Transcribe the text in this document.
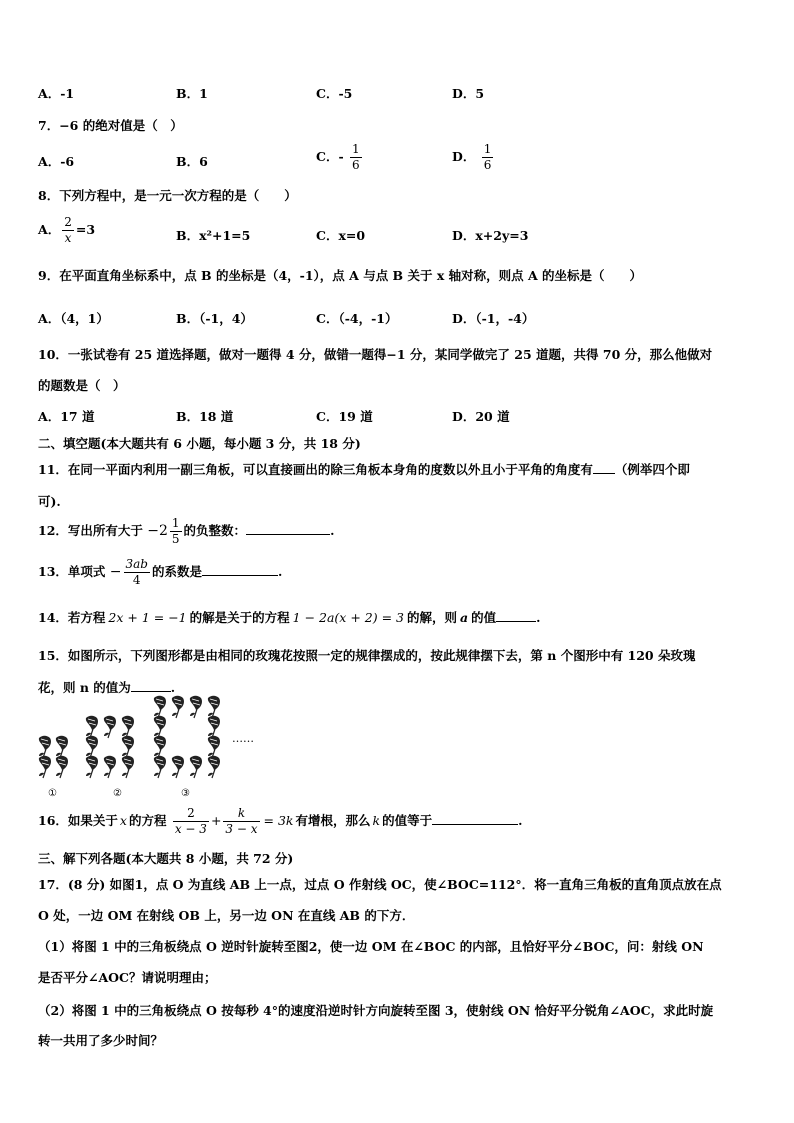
A．-1	B．1	C．-5	D．5
7．−6 的绝对值是（　）
A．-6	B．6	C．- $\frac{1}{6}$	D． $\frac{1}{6}$
8．下列方程中，是一元一次方程的是（　　）
A． $\frac{2}{x} =3$	B．x²+1=5	C．x=0	D．x+2y=3
9．在平面直角坐标系中，点 B 的坐标是（4，-1），点 A 与点 B 关于 x 轴对称，则点 A 的坐标是（　　）
A．（4，1）	B．（-1，4）	C．（-4，-1）	D．（-1，-4）
10．一张试卷有 25 道选择题，做对一题得 4 分，做错一题得−1 分，某同学做完了 25 道题，共得 70 分，那么他做对
的题数是（　）
A．17 道	B．18 道	C．19 道	D．20 道
二、填空题(本大题共有 6 小题，每小题 3 分，共 18 分)
11．在同一平面内利用一副三角板，可以直接画出的除三角板本身角的度数以外且小于平角的角度有 （例举四个即
可).
12．写出所有大于 $-2 \frac{1}{5}$ 的负整数：	.
13．单项式 − $\frac{3ab}{4}$ 的系数是	.
14．若方程 2x + 1 = −1 的解是关于的方程 1 − 2a(x + 2) = 3 的解，则 a 的值	.
15．如图所示，下列图形都是由相同的玫瑰花按照一定的规律摆成的，按此规律摆下去，第 n 个图形中有 120 朵玫瑰
花，则 n 的值为	.
①	②	③
……
16．如果关于 x 的方程 $\frac{2}{x - 3} + \frac{k}{3 - x} = 3k$ 有增根，那么 k 的值等于	.
三、解下列各题(本大题共 8 小题，共 72 分)
17．(8 分) 如图1，点 O 为直线 AB 上一点，过点 O 作射线 OC，使∠BOC=112°．将一直角三角板的直角顶点放在点
O 处，一边 OM 在射线 OB 上，另一边 ON 在直线 AB 的下方．
（1）将图 1 中的三角板绕点 O 逆时针旋转至图2，使一边 OM 在∠BOC 的内部，且恰好平分∠BOC，问：射线 ON
是否平分∠AOC？请说明理由；
（2）将图 1 中的三角板绕点 O 按每秒 4°的速度沿逆时针方向旋转至图 3，使射线 ON 恰好平分锐角∠AOC，求此时旋
转一共用了多少时间？
